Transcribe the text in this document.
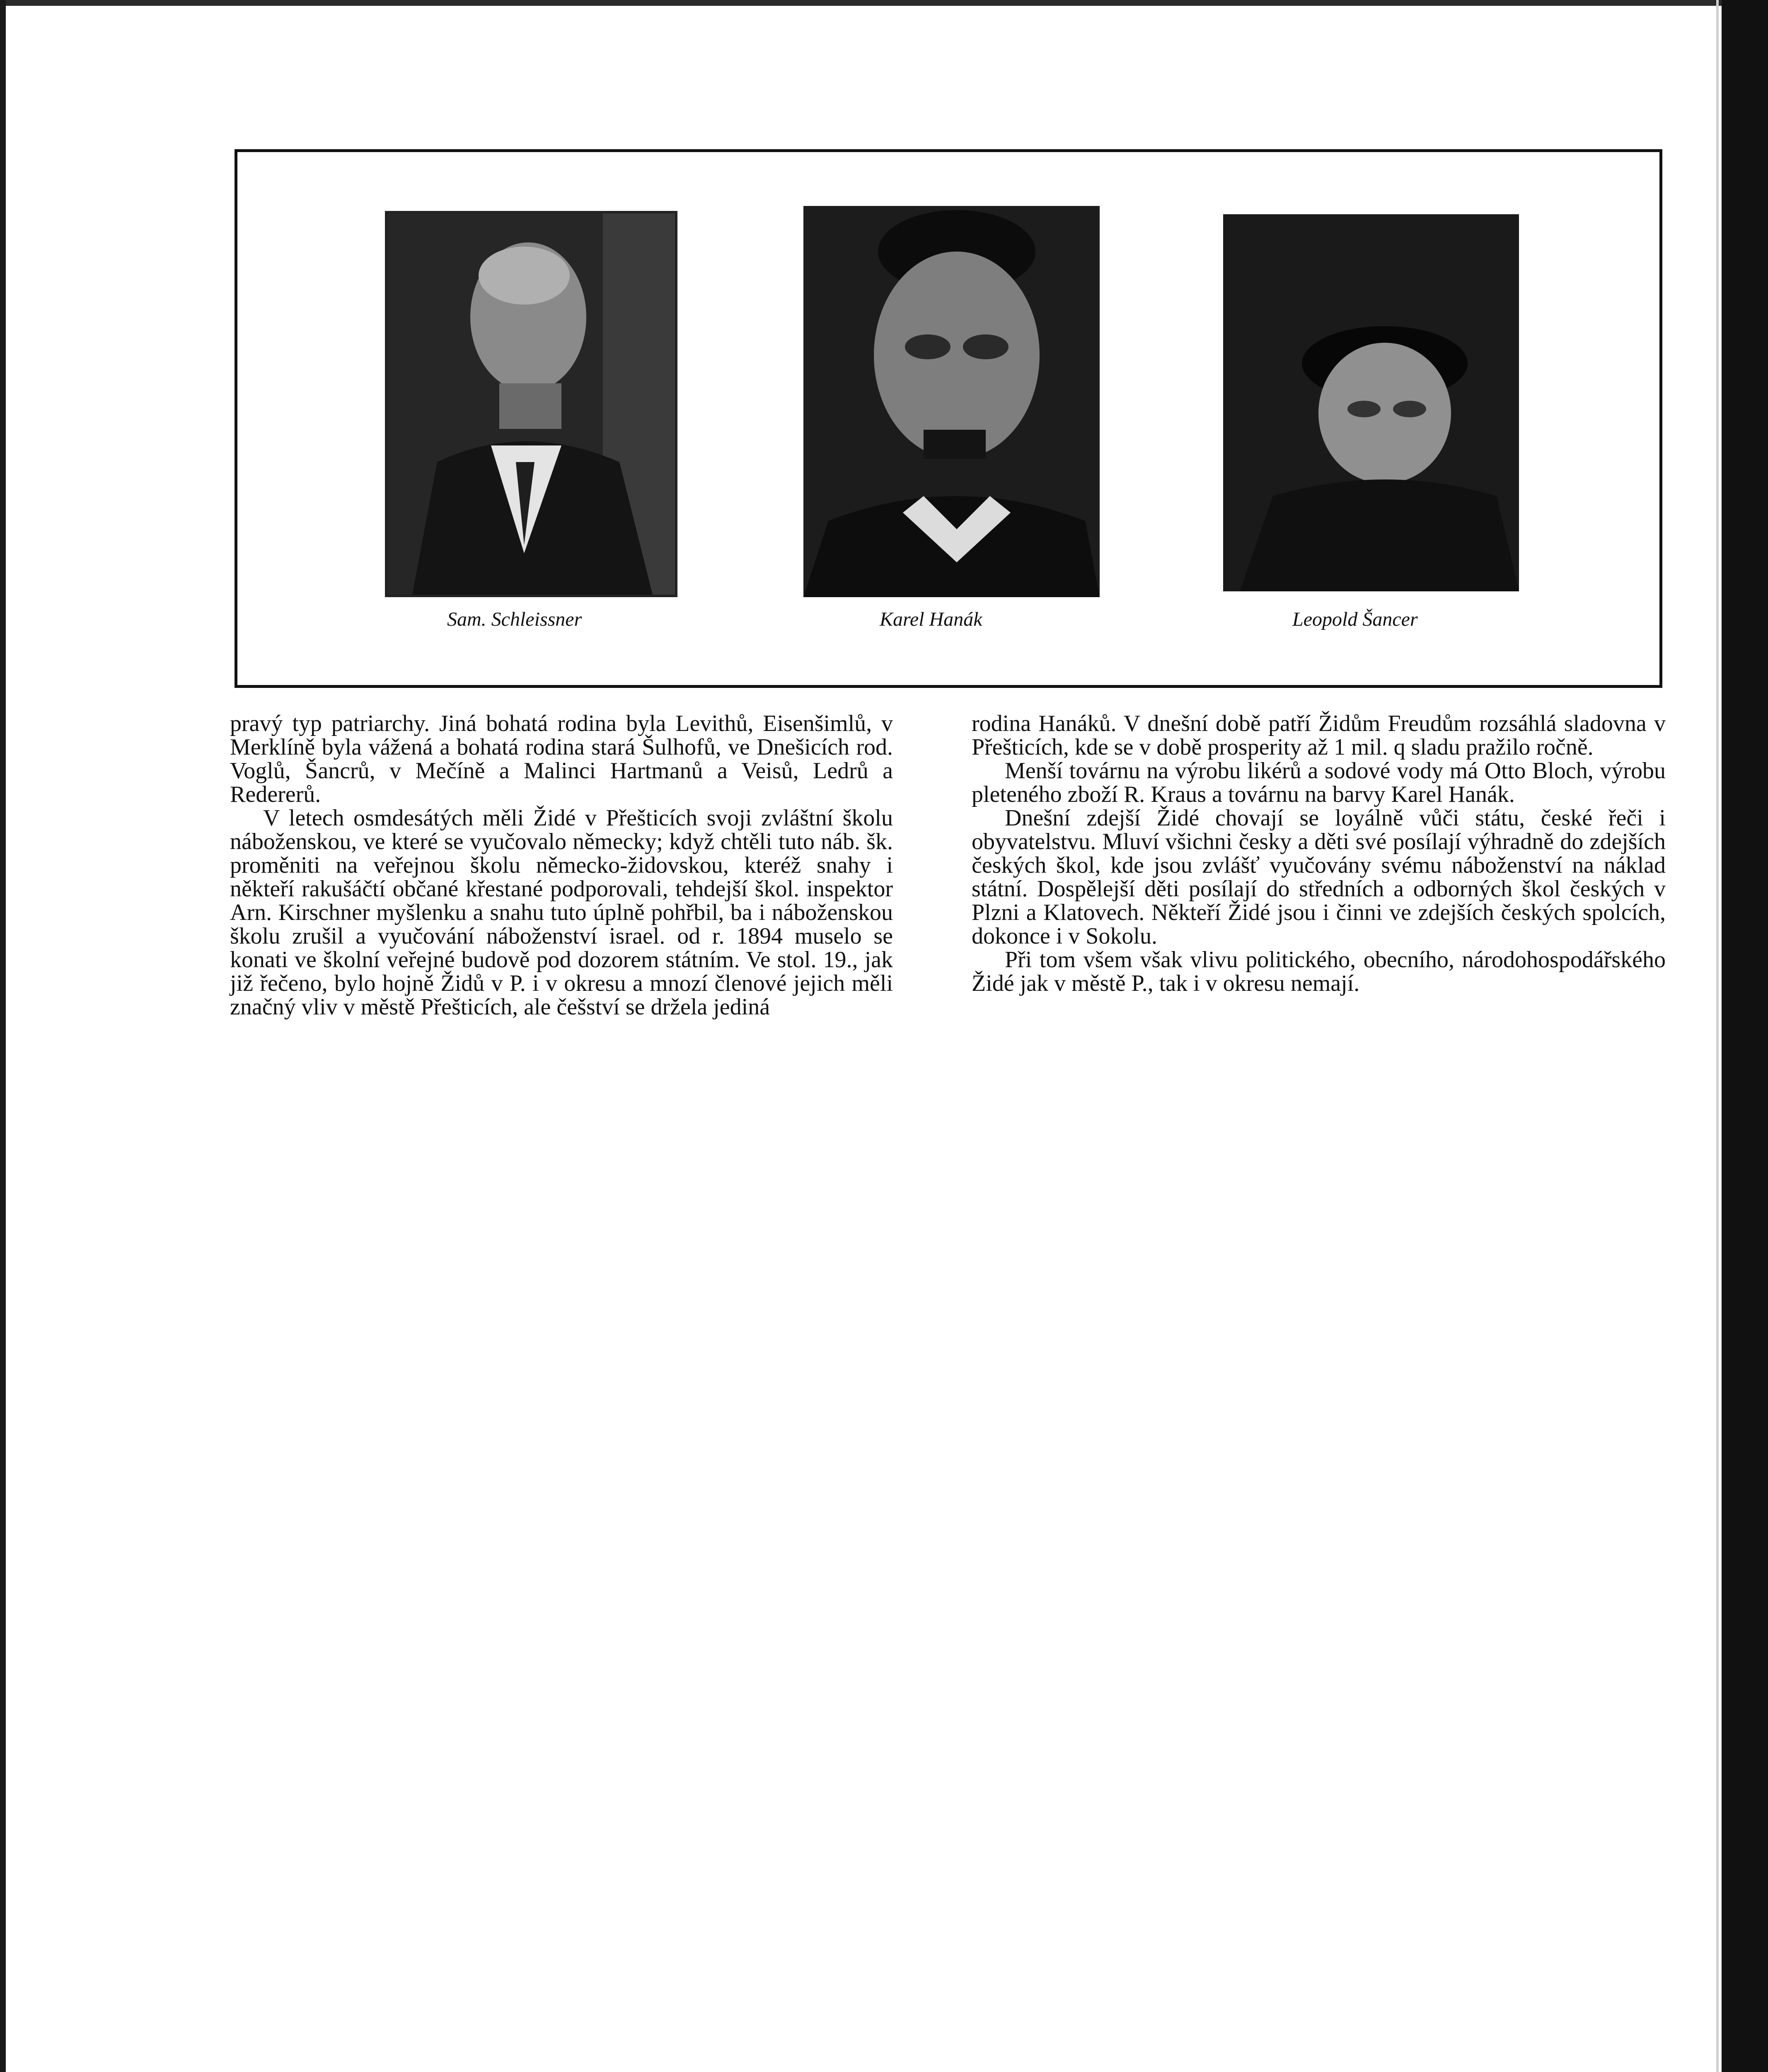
Sam. Schleissner	Karel Hanák	Leopold Šancer

pravý typ patriarchy. Jiná bohatá rodina byla Levithů, Eisenšimlů, v Merklíně byla vážená a bohatá rodina stará Šulhofů, ve Dnešicích rod. Voglů, Šancrů, v Mečíně a Malinci Hartmanů a Veisů, Ledrů a Redererů.

V letech osmdesátých měli Židé v Přešticích svoji zvláštní školu náboženskou, ve které se vyučovalo německy; když chtěli tuto náb. šk. proměniti na veřejnou školu německo-židovskou, kteréž snahy i někteří rakušáčtí občané křestané podporovali, tehdejší škol. inspektor Arn. Kirschner myšlenku a snahu tuto úplně pohřbil, ba i náboženskou školu zrušil a vyučování náboženství israel. od r. 1894 muselo se konati ve školní veřejné budově pod dozorem státním. Ve stol. 19., jak již řečeno, bylo hojně Židů v P. i v okresu a mnozí členové jejich měli značný vliv v městě Přešticích, ale češství se držela jediná

rodina Hanáků. V dnešní době patří Židům Freudům rozsáhlá sladovna v Přešticích, kde se v době prosperity až 1 mil. q sladu pražilo ročně.

Menší továrnu na výrobu likérů a sodové vody má Otto Bloch, výrobu pleteného zboží R. Kraus a továrnu na barvy Karel Hanák.

Dnešní zdejší Židé chovají se loyálně vůči státu, české řeči i obyvatelstvu. Mluví všichni česky a děti své posílají výhradně do zdejších českých škol, kde jsou zvlášť vyučovány svému náboženství na náklad státní. Dospělejší děti posílají do středních a odborných škol českých v Plzni a Klatovech. Někteří Židé jsou i činni ve zdejších českých spolcích, dokonce i v Sokolu.

Při tom všem však vlivu politického, obecního, národohospodářského Židé jak v městě P., tak i v okresu nemají.
